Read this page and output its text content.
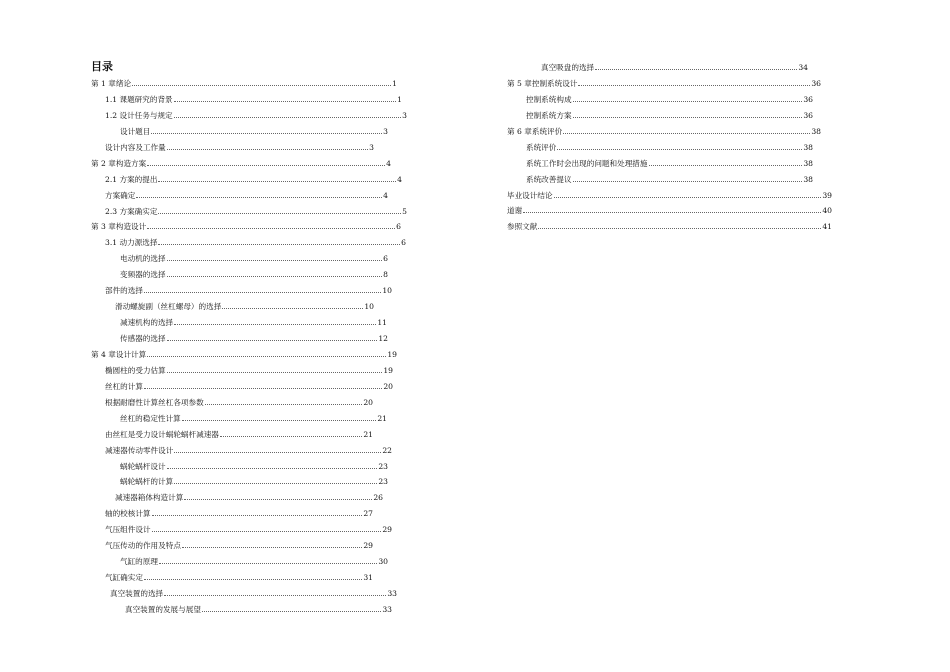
目录
第 1 章绪论	1
1.1 课题研究的背景	1
1.2 设计任务与规定	3
设计题目	3
设计内容及工作量	3
第 2 章构造方案	4
2.1 方案的提出	4
方案确定	4
2.3 方案确实定	5
第 3 章构造设计	6
3.1 动力源选择	6
电动机的选择	6
变频器的选择	8
部件的选择	10
滑动螺旋副（丝杠螺母）的选择	10
减速机构的选择	11
传感器的选择	12
第 4 章设计计算	19
椭圆柱的受力估算	19
丝杠的计算	20
根据耐磨性计算丝杠各项参数	20
丝杠的稳定性计算	21
由丝杠是受力设计蜗轮蜗杆减速器	21
减速器传动零件设计	22
蜗轮蜗杆设计	23
蜗轮蜗杆的计算	23
减速器箱体构造计算	26
轴的校核计算	27
气压组件设计	29
气压传动的作用及特点	29
气缸的原理	30
气缸确实定	31
真空装置的选择	33
真空装置的发展与展望	33
真空吸盘的选择	34
第 5 章控制系统设计	36
控制系统构成	36
控制系统方案	36
第 6 章系统评价	38
系统评价	38
系统工作时会出现的问题和处理措施	38
系统改善提议	38
毕业设计结论	39
道谢	40
参照文献	41
